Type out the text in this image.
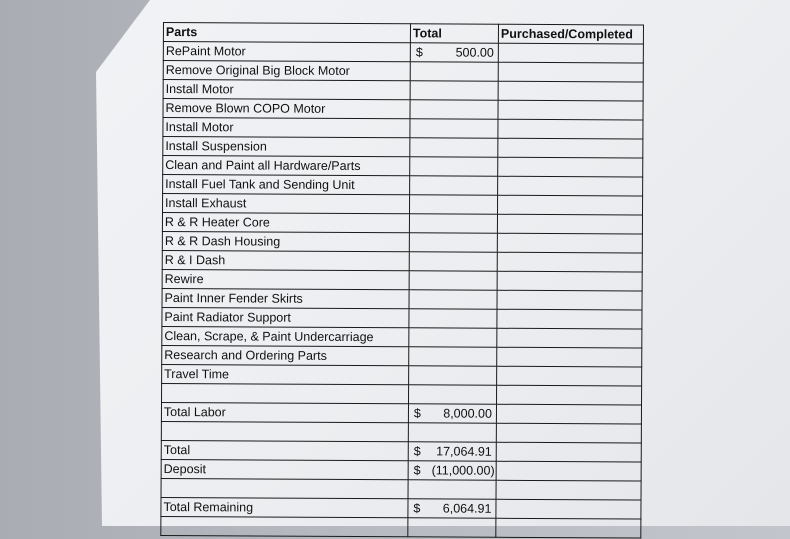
Parts	Total	Purchased/Completed
RePaint Motor	$ 500.00	

Remove Original Big Block Motor		
Install Motor		
Remove Blown COPO Motor		
Install Motor		
Install Suspension		
Clean and Paint all Hardware/Parts		
Install Fuel Tank and Sending Unit		
Install Exhaust		
R & R Heater Core		
R & R Dash Housing		
R & I Dash		
Rewire		
Paint Inner Fender Skirts		
Paint Radiator Support		
Clean, Scrape, & Paint Undercarriage		
Research and Ordering Parts		
Travel Time		

Total Labor	$ 8,000.00	

Total	$ 17,064.91	

Deposit	$ (11,000.00)	

Total Remaining	$ 6,064.91	
